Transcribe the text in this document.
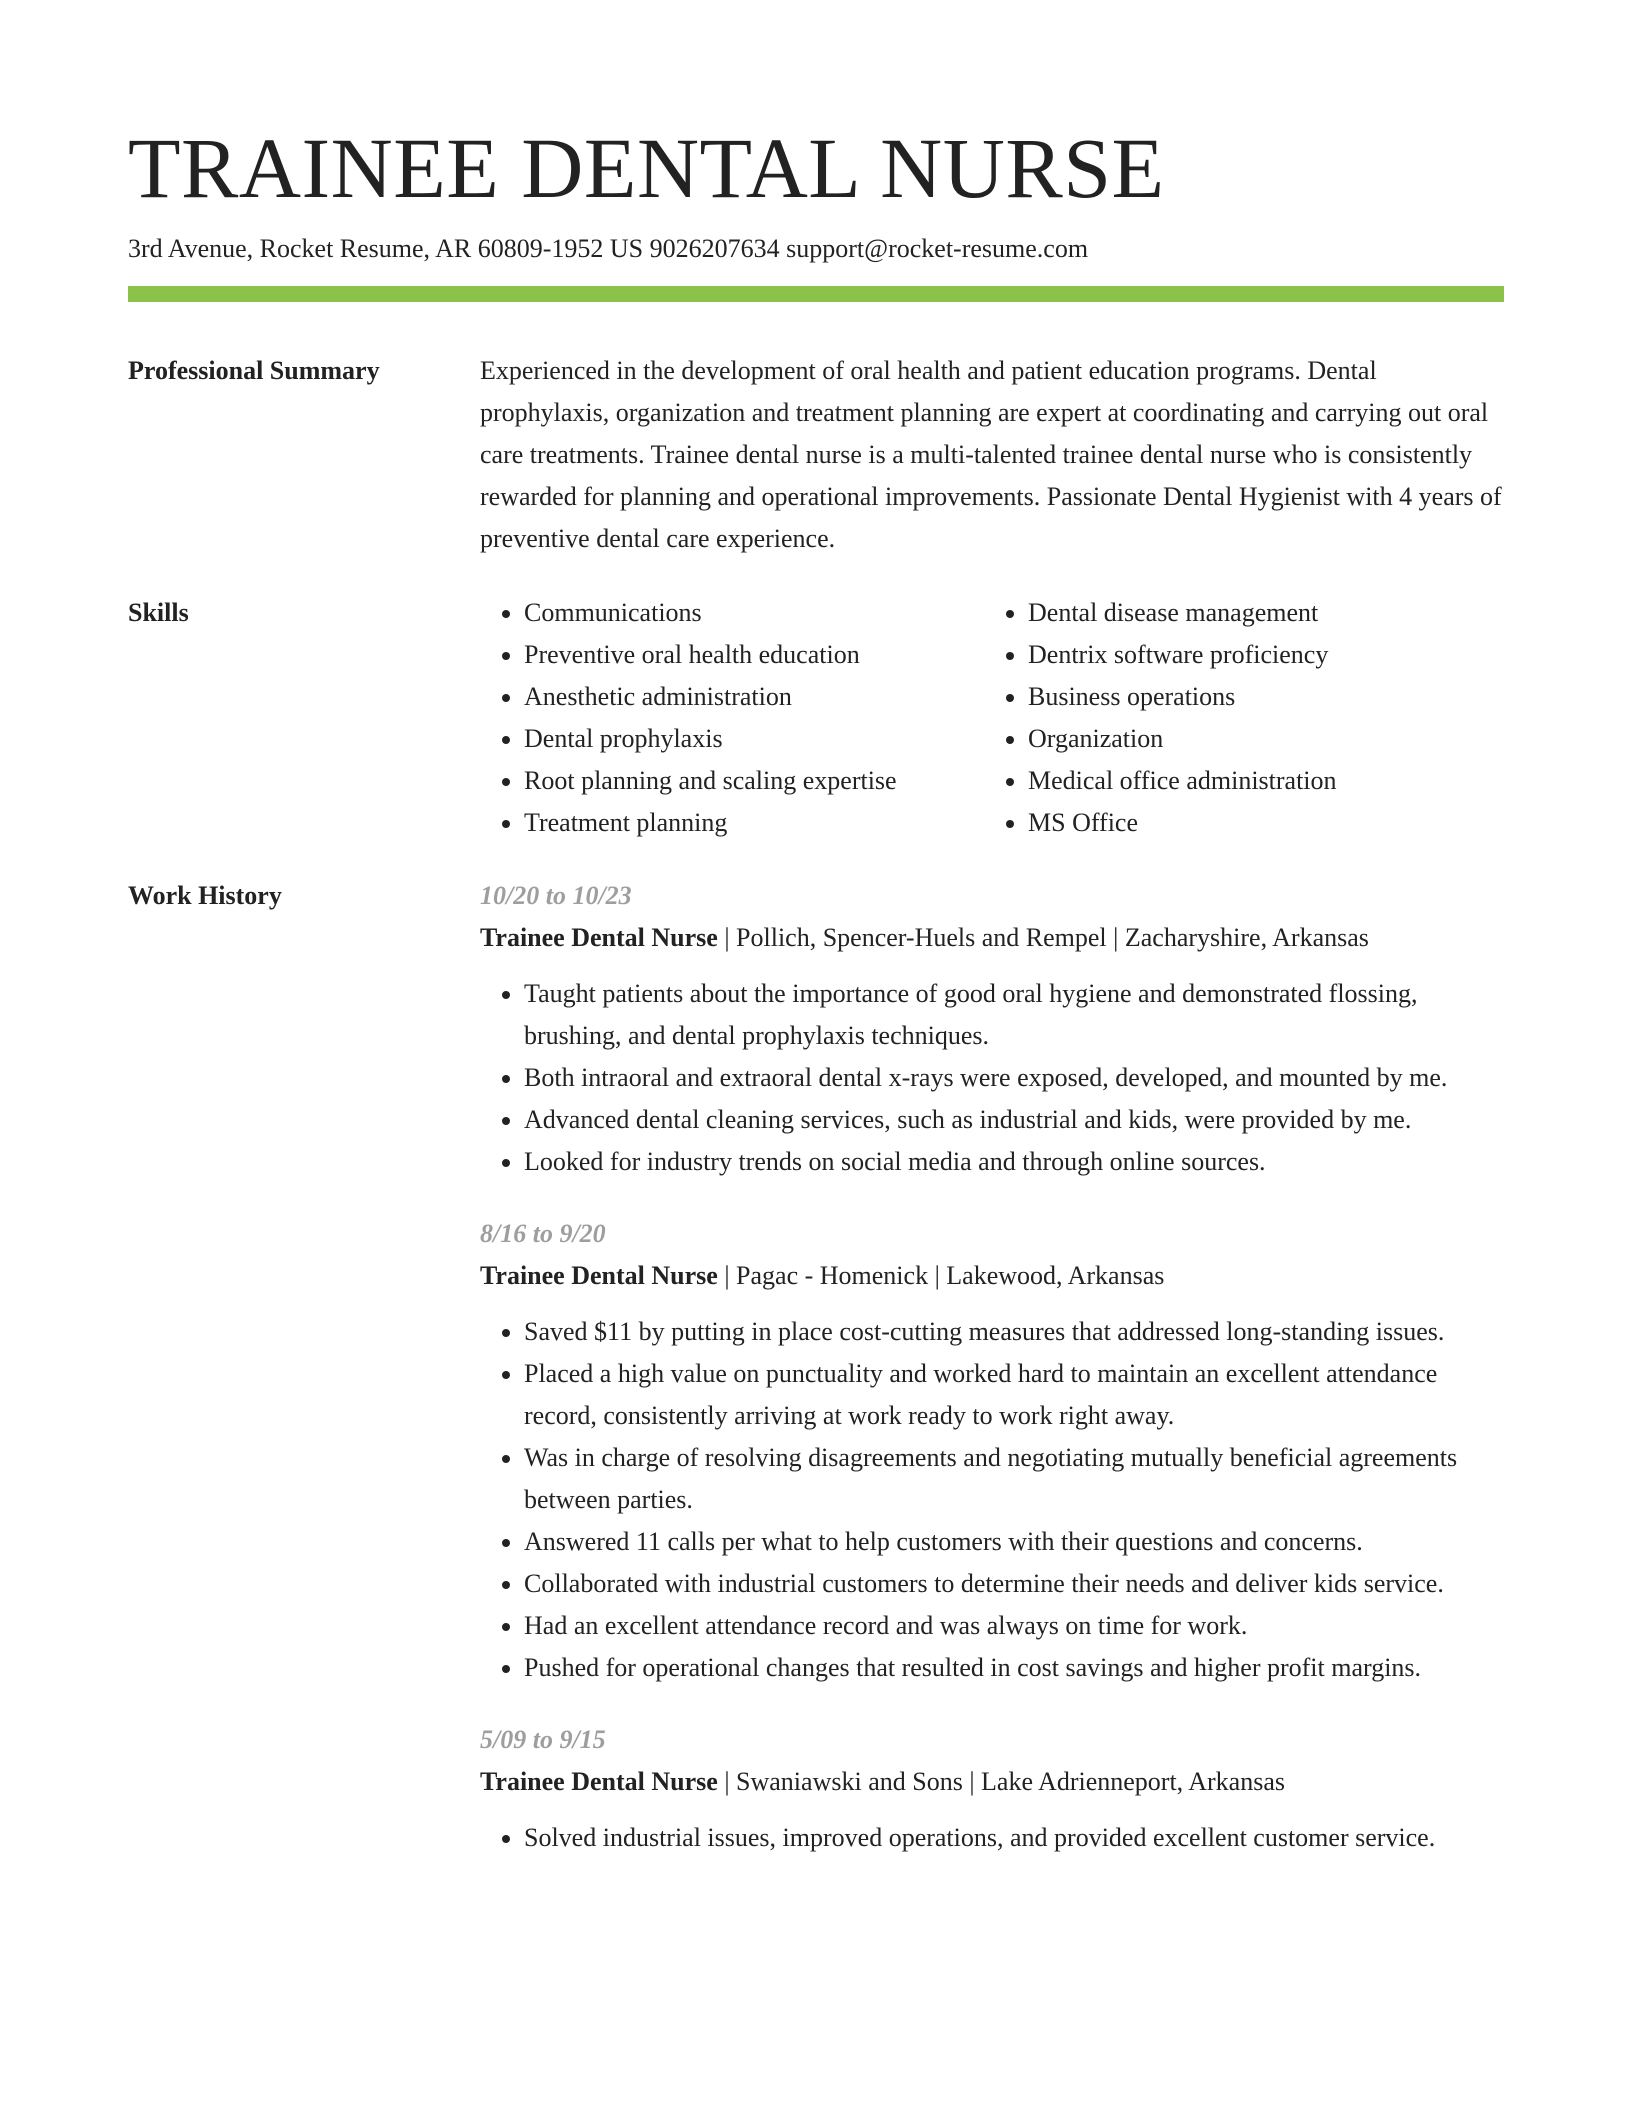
TRAINEE DENTAL NURSE
3rd Avenue, Rocket Resume, AR 60809-1952 US 9026207634 support@rocket-resume.com
Professional Summary	Experienced in the development of oral health and patient education programs. Dental prophylaxis, organization and treatment planning are expert at coordinating and carrying out oral care treatments. Trainee dental nurse is a multi-talented trainee dental nurse who is consistently rewarded for planning and operational improvements. Passionate Dental Hygienist with 4 years of preventive dental care experience.

Skills
•	Communications
• Preventive oral health education
• Anesthetic administration
• Dental prophylaxis
• Root planning and scaling expertise
• Treatment planning
• Dental disease management
• Dentrix software proficiency
• Business operations
• Organization
• Medical office administration
• MS Office
Work History	10/20 to 10/23
Trainee Dental Nurse | Pollich, Spencer-Huels and Rempel | Zacharyshire, Arkansas
• Taught patients about the importance of good oral hygiene and demonstrated flossing, brushing, and dental prophylaxis techniques.
• Both intraoral and extraoral dental x-rays were exposed, developed, and mounted by me.
• Advanced dental cleaning services, such as industrial and kids, were provided by me.
• Looked for industry trends on social media and through online sources.
8/16 to 9/20
Trainee Dental Nurse | Pagac - Homenick | Lakewood, Arkansas
• Saved $11 by putting in place cost-cutting measures that addressed long-standing issues.
• Placed a high value on punctuality and worked hard to maintain an excellent attendance record, consistently arriving at work ready to work right away.
• Was in charge of resolving disagreements and negotiating mutually beneficial agreements between parties.
• Answered 11 calls per what to help customers with their questions and concerns.
• Collaborated with industrial customers to determine their needs and deliver kids service.
• Had an excellent attendance record and was always on time for work.
• Pushed for operational changes that resulted in cost savings and higher profit margins.
5/09 to 9/15
Trainee Dental Nurse | Swaniawski and Sons | Lake Adrienneport, Arkansas
• Solved industrial issues, improved operations, and provided excellent customer service.
